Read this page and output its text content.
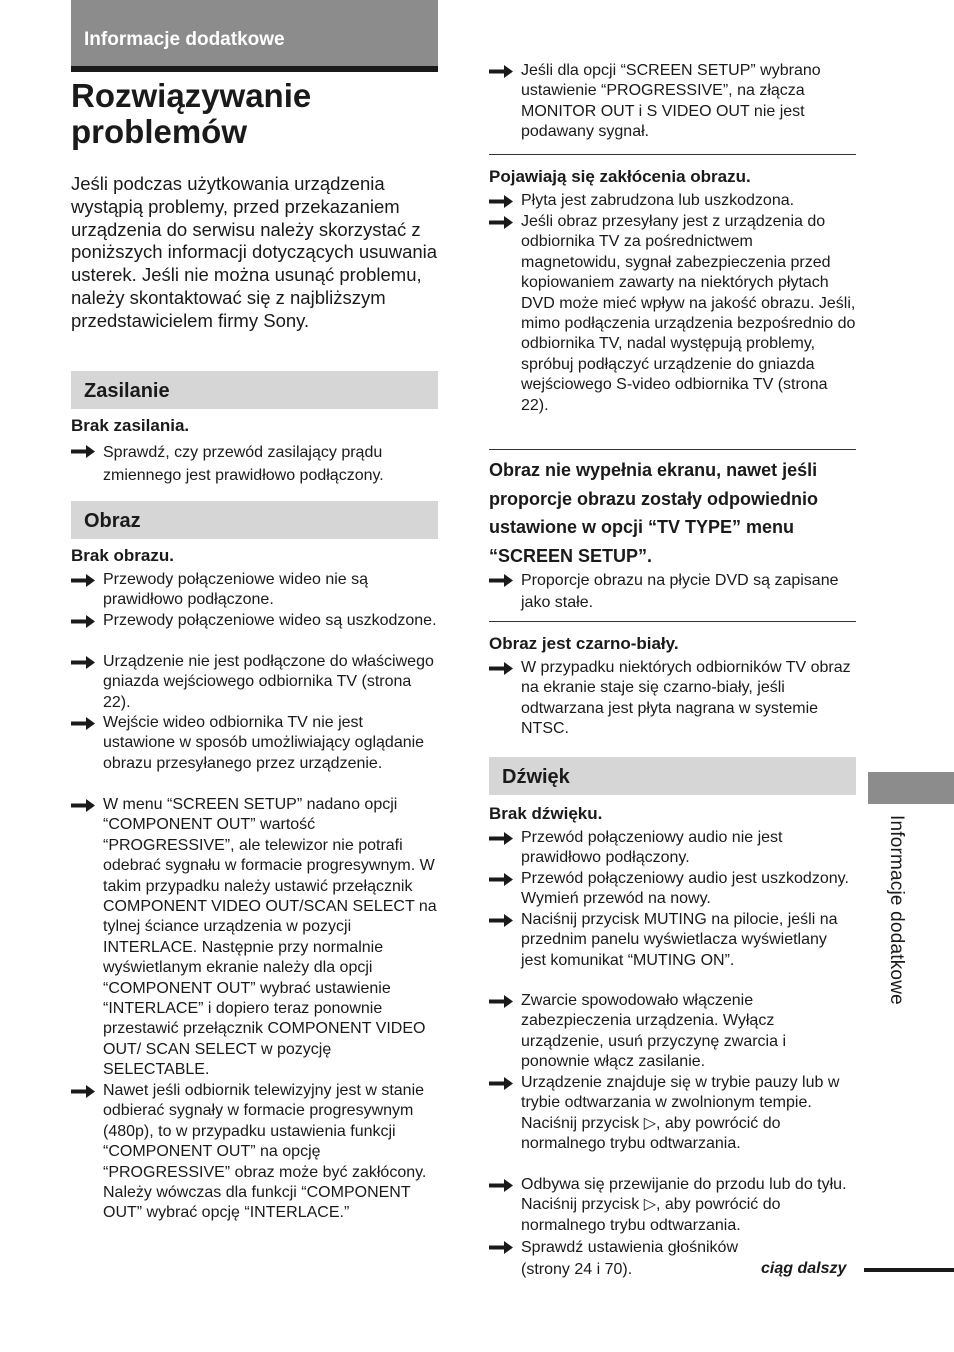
Informacje dodatkowe
Rozwiązywanie
problemów
Jeśli podczas użytkowania urządzenia wystąpią problemy, przed przekazaniem urządzenia do serwisu należy skorzystać z poniższych informacji dotyczących usuwania usterek. Jeśli nie można usunąć problemu, należy skontaktować się z najbliższym przedstawicielem firmy Sony.
Zasilanie
Brak zasilania.
Sprawdź, czy przewód zasilający prądu zmiennego jest prawidłowo podłączony.
Obraz
Brak obrazu.
Przewody połączeniowe wideo nie są prawidłowo podłączone.
Przewody połączeniowe wideo są uszkodzone.
Urządzenie nie jest podłączone do właściwego gniazda wejściowego odbiornika TV (strona 22).
Wejście wideo odbiornika TV nie jest ustawione w sposób umożliwiający oglądanie obrazu przesyłanego przez urządzenie.
W menu “SCREEN SETUP” nadano opcji “COMPONENT OUT” wartość “PROGRESSIVE”, ale telewizor nie potrafi odebrać sygnału w formacie progresywnym. W takim przypadku należy ustawić przełącznik COMPONENT VIDEO OUT/SCAN SELECT na tylnej ściance urządzenia w pozycji INTERLACE. Następnie przy normalnie wyświetlanym ekranie należy dla opcji “COMPONENT OUT” wybrać ustawienie “INTERLACE” i dopiero teraz ponownie przestawić przełącznik COMPONENT VIDEO OUT/ SCAN SELECT w pozycję SELECTABLE.
Nawet jeśli odbiornik telewizyjny jest w stanie odbierać sygnały w formacie progresywnym (480p), to w przypadku ustawienia funkcji “COMPONENT OUT” na opcję “PROGRESSIVE” obraz może być zakłócony. Należy wówczas dla funkcji “COMPONENT OUT” wybrać opcję “INTERLACE.”
Jeśli dla opcji “SCREEN SETUP” wybrano ustawienie “PROGRESSIVE”, na złącza MONITOR OUT i S VIDEO OUT nie jest podawany sygnał.
Pojawiają się zakłócenia obrazu.
Płyta jest zabrudzona lub uszkodzona.
Jeśli obraz przesyłany jest z urządzenia do odbiornika TV za pośrednictwem magnetowidu, sygnał zabezpieczenia przed kopiowaniem zawarty na niektórych płytach DVD może mieć wpływ na jakość obrazu. Jeśli, mimo podłączenia urządzenia bezpośrednio do odbiornika TV, nadal występują problemy, spróbuj podłączyć urządzenie do gniazda wejściowego S-video odbiornika TV (strona 22).
Obraz nie wypełnia ekranu, nawet jeśli proporcje obrazu zostały odpowiednio ustawione w opcji “TV TYPE” menu “SCREEN SETUP”.
Proporcje obrazu na płycie DVD są zapisane jako stałe.
Obraz jest czarno-biały.
W przypadku niektórych odbiorników TV obraz na ekranie staje się czarno-biały, jeśli odtwarzana jest płyta nagrana w systemie NTSC.
Dźwięk
Brak dźwięku.
Przewód połączeniowy audio nie jest prawidłowo podłączony.
Przewód połączeniowy audio jest uszkodzony. Wymień przewód na nowy.
Naciśnij przycisk MUTING na pilocie, jeśli na przednim panelu wyświetlacza wyświetlany jest komunikat “MUTING ON”.
Zwarcie spowodowało włączenie zabezpieczenia urządzenia. Wyłącz urządzenie, usuń przyczynę zwarcia i ponownie włącz zasilanie.
Urządzenie znajduje się w trybie pauzy lub w trybie odtwarzania w zwolnionym tempie. Naciśnij przycisk ▷, aby powrócić do normalnego trybu odtwarzania.
Odbywa się przewijanie do przodu lub do tyłu. Naciśnij przycisk ▷, aby powrócić do normalnego trybu odtwarzania.
Sprawdź ustawienia głośników (strony 24 i 70).
Informacje dodatkowe
ciąg dalszy
